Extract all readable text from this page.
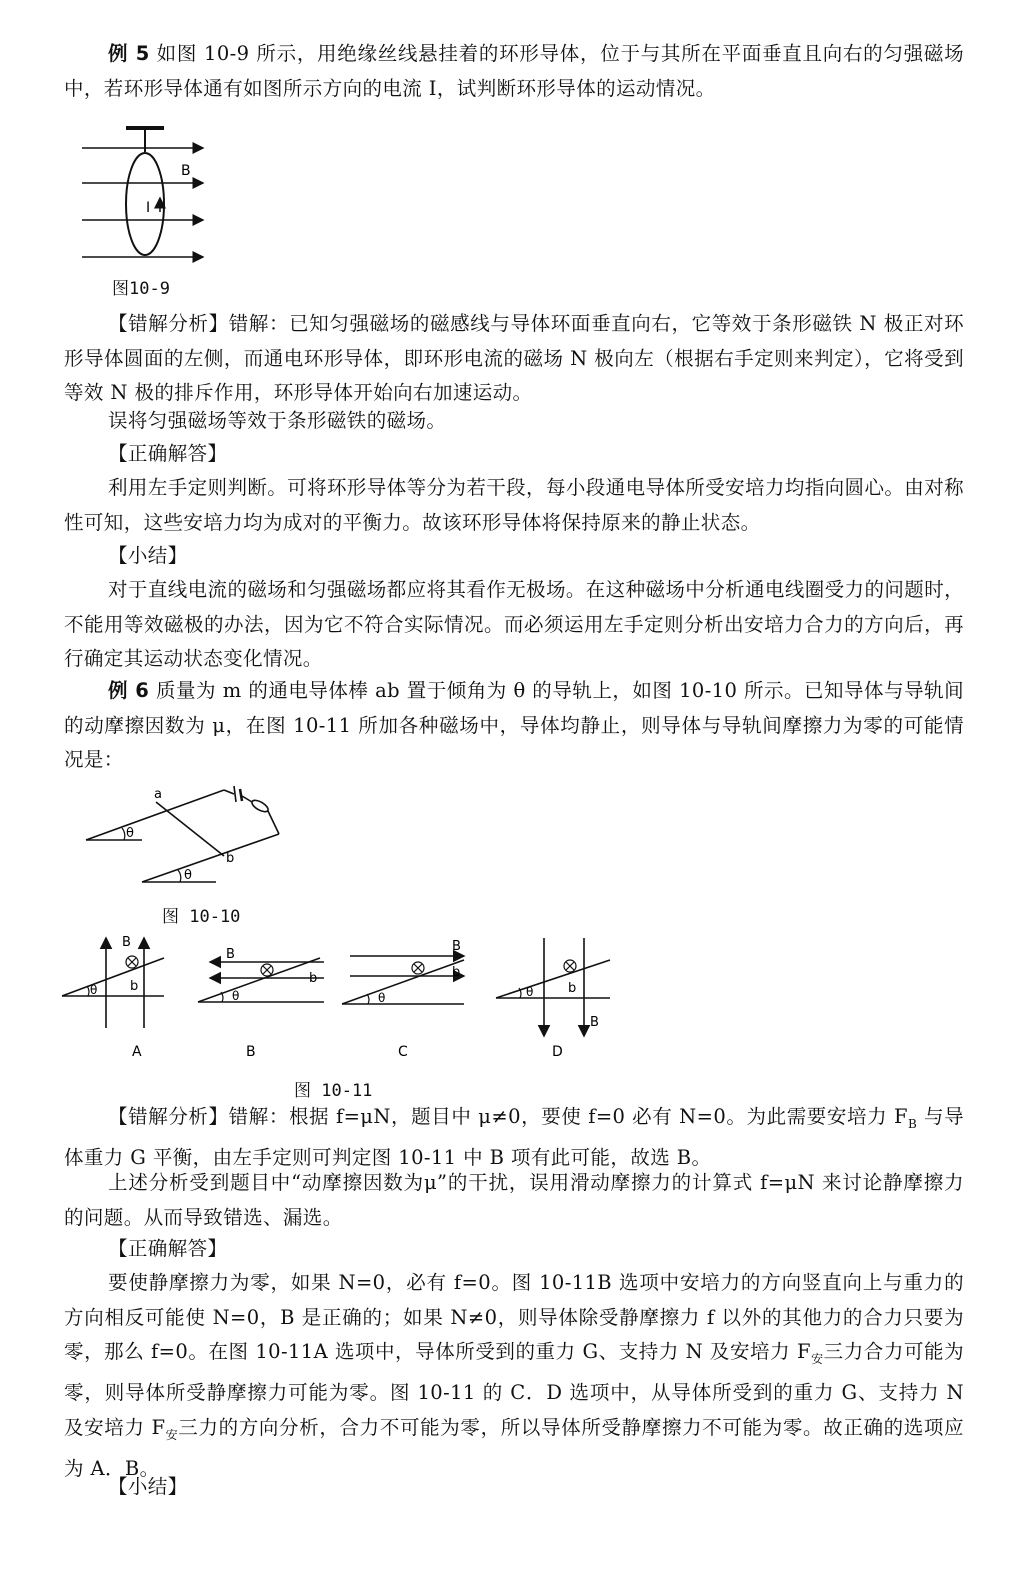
例 5 如图 10-9 所示，用绝缘丝线悬挂着的环形导体，位于与其所在平面垂直且向右的匀强磁场中，若环形导体通有如图所示方向的电流 I，试判断环形导体的运动情况。

B
I
图10-9

【错解分析】错解：已知匀强磁场的磁感线与导体环面垂直向右，它等效于条形磁铁 N 极正对环形导体圆面的左侧，而通电环形导体，即环形电流的磁场 N 极向左（根据右手定则来判定），它将受到等效 N 极的排斥作用，环形导体开始向右加速运动。

误将匀强磁场等效于条形磁铁的磁场。

【正确解答】

利用左手定则判断。可将环形导体等分为若干段，每小段通电导体所受安培力均指向圆心。由对称性可知，这些安培力均为成对的平衡力。故该环形导体将保持原来的静止状态。

【小结】

对于直线电流的磁场和匀强磁场都应将其看作无极场。在这种磁场中分析通电线圈受力的问题时，不能用等效磁极的办法，因为它不符合实际情况。而必须运用左手定则分析出安培力合力的方向后，再行确定其运动状态变化情况。

例 6 质量为 m 的通电导体棒 ab 置于倾角为 θ 的导轨上，如图 10-10 所示。已知导体与导轨间的动摩擦因数为 μ，在图 10-11 所加各种磁场中，导体均静止，则导体与导轨间摩擦力为零的可能情况是：

a
b
θ
θ
图 10-10
B
b
θ
B
b
θ
B
b
θ
B
b
θ
A	B	C	D
图 10-11

【错解分析】错解：根据 f=μN，题目中 μ≠0，要使 f=0 必有 N=0。为此需要安培力 $F_B$ 与导体重力 G 平衡，由左手定则可判定图 10-11 中 B 项有此可能，故选 B。

上述分析受到题目中“动摩擦因数为μ”的干扰，误用滑动摩擦力的计算式 f=μN 来讨论静摩擦力的问题。从而导致错选、漏选。

【正确解答】

要使静摩擦力为零，如果 N=0，必有 f=0。图 10-11B 选项中安培力的方向竖直向上与重力的方向相反可能使 N=0，B 是正确的；如果 N≠0，则导体除受静摩擦力 f 以外的其他力的合力只要为零，那么 f=0。在图 10-11A 选项中，导体所受到的重力 G、支持力 N 及安培力 $F_安$三力合力可能为零，则导体所受静摩擦力可能为零。图 10-11 的 C．D 选项中，从导体所受到的重力 G、支持力 N 及安培力 $F_安$三力的方向分析，合力不可能为零，所以导体所受静摩擦力不可能为零。故正确的选项应为 A．B。

【小结】
